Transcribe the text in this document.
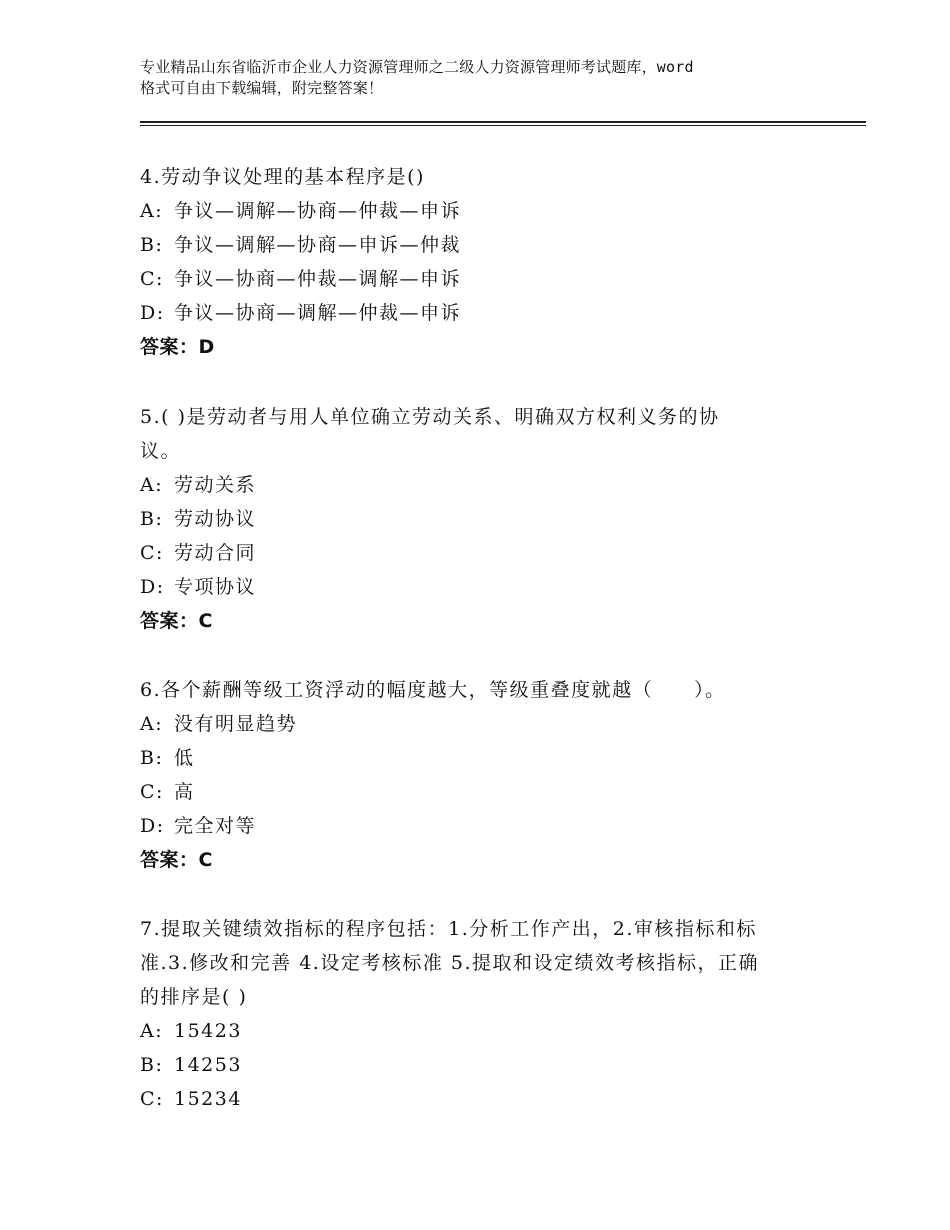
专业精品山东省临沂市企业人力资源管理师之二级人力资源管理师考试题库，word
格式可自由下载编辑，附完整答案！
4.劳动争议处理的基本程序是()
A: 争议—调解—协商—仲裁—申诉
B: 争议—调解—协商—申诉—仲裁
C: 争议—协商—仲裁—调解—申诉
D: 争议—协商—调解—仲裁—申诉
答案：D
5.( )是劳动者与用人单位确立劳动关系、明确双方权利义务的协
议。
A: 劳动关系
B: 劳动协议
C: 劳动合同
D: 专项协议
答案：C
6.各个薪酬等级工资浮动的幅度越大，等级重叠度就越（　　）。
A: 没有明显趋势
B: 低
C: 高
D: 完全对等
答案：C
7.提取关键绩效指标的程序包括：1.分析工作产出，2.审核指标和标
准.3.修改和完善 4.设定考核标准 5.提取和设定绩效考核指标，正确
的排序是( )
A: 15423
B: 14253
C: 15234
